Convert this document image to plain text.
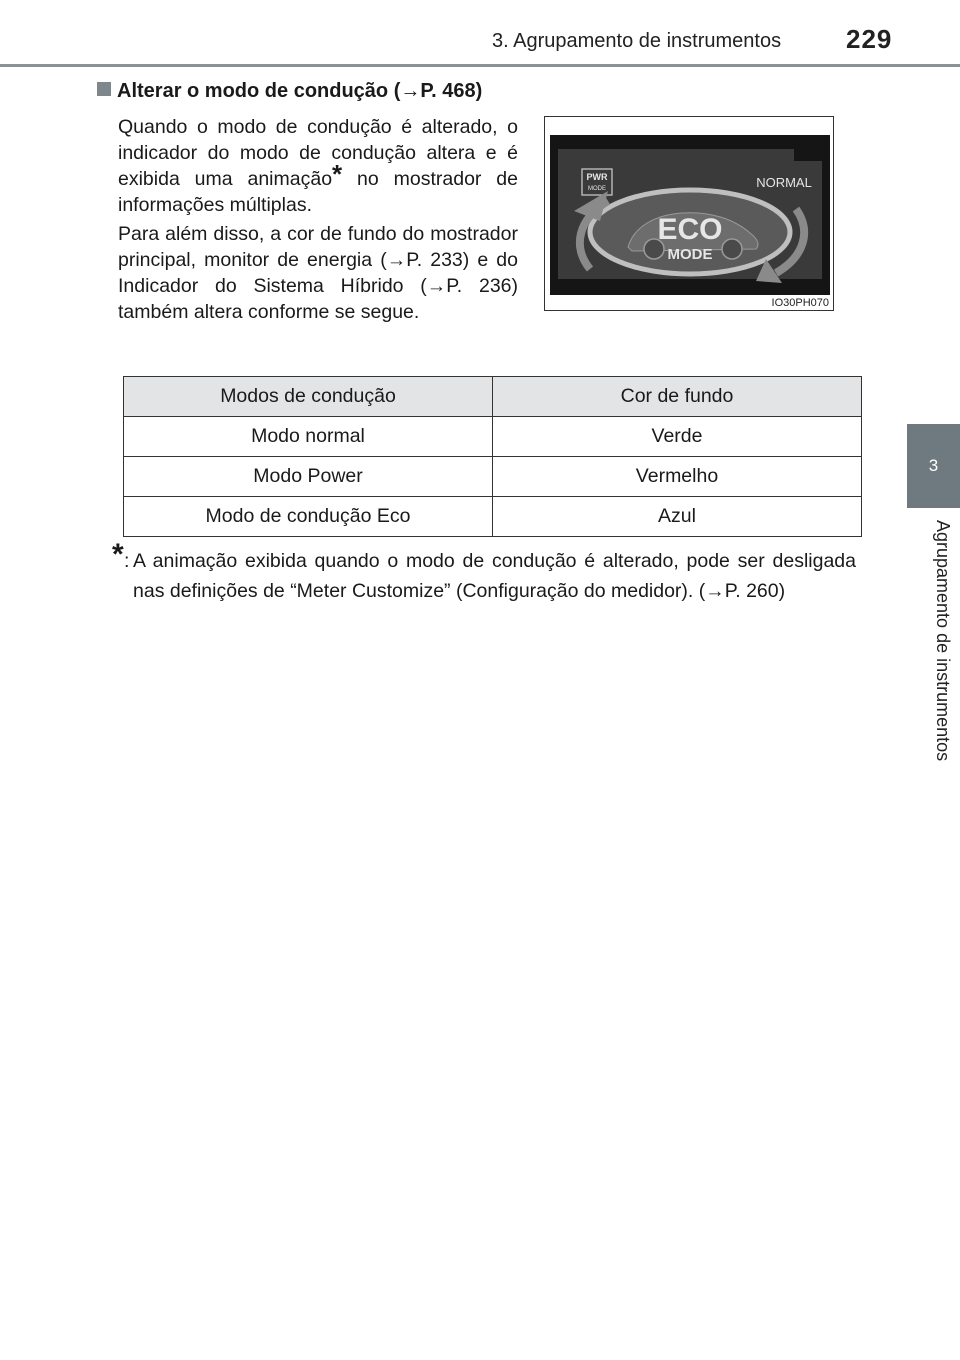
3. Agrupamento de instrumentos 229
3
Agrupamento de instrumentos
Alterar o modo de condução (→P. 468)
Quando o modo de condução é alterado, o indicador do modo de condução altera e é exibida uma animação* no mostrador de informações múltiplas.
Para além disso, a cor de fundo do mostrador principal, monitor de energia (→P. 233) e do Indicador do Sistema Híbrido (→P. 236) também altera conforme se segue.
PWR
MODE	NORMAL
ECO
MODE
IO30PH070
Modos de condução	Cor de fundo
Modo normal	Verde
Modo Power	Vermelho
Modo de condução Eco	Azul
* : A animação exibida quando o modo de condução é alterado, pode ser desligada nas definições de “Meter Customize” (Configuração do medidor). (→P. 260)
